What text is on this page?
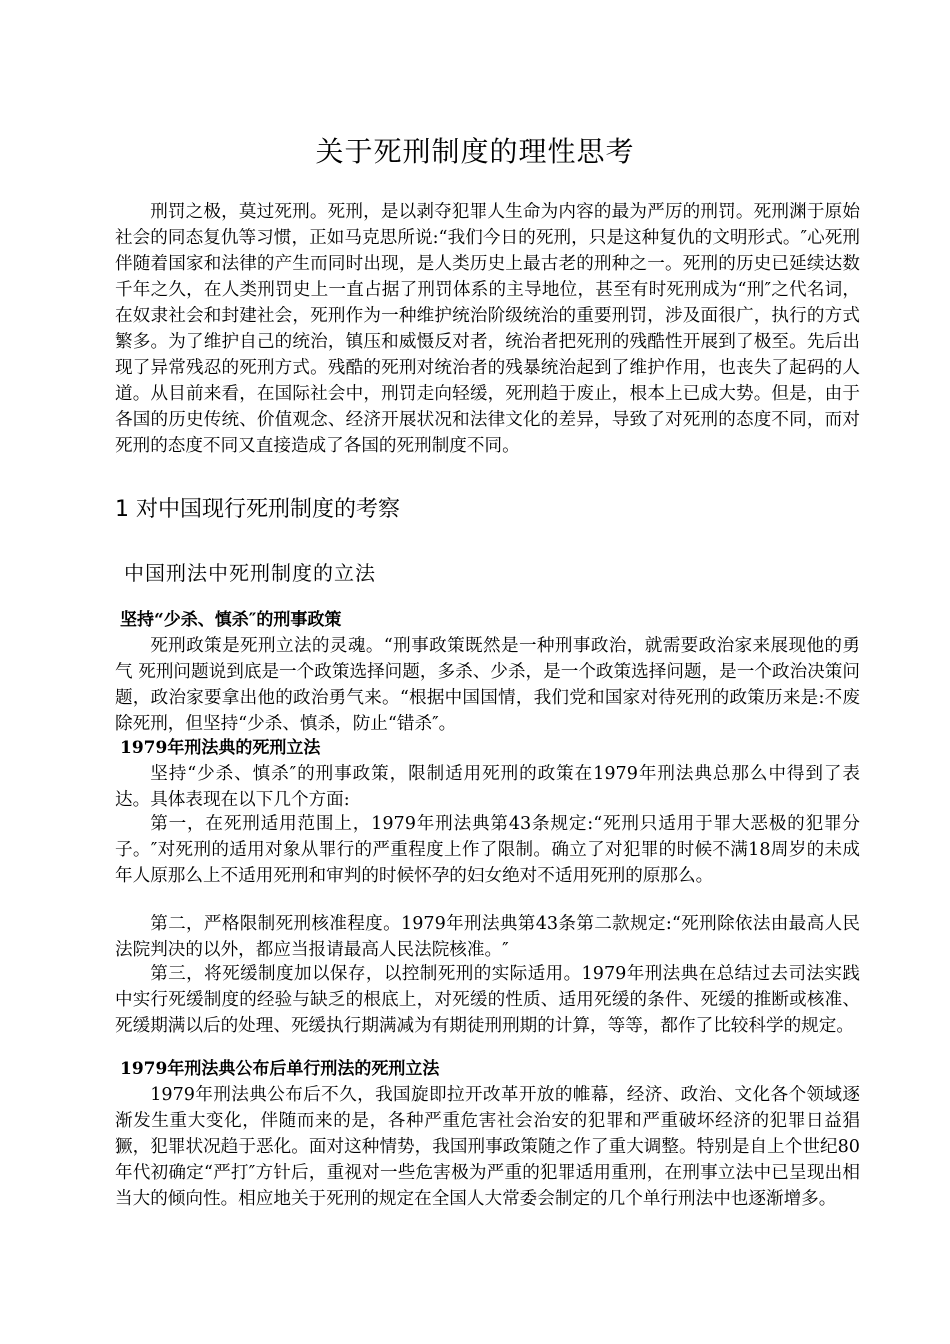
关于死刑制度的理性思考

刑罚之极，莫过死刑。死刑，是以剥夺犯罪人生命为内容的最为严厉的刑罚。死刑渊于原始社会的同态复仇等习惯，正如马克思所说:“我们今日的死刑，只是这种复仇的文明形式。″心死刑伴随着国家和法律的产生而同时出现，是人类历史上最古老的刑种之一。死刑的历史已延续达数千年之久，在人类刑罚史上一直占据了刑罚体系的主导地位，甚至有时死刑成为“刑″之代名词，在奴隶社会和封建社会，死刑作为一种维护统治阶级统治的重要刑罚，涉及面很广，执行的方式繁多。为了维护自己的统治，镇压和威慑反对者，统治者把死刑的残酷性开展到了极至。先后出现了异常残忍的死刑方式。残酷的死刑对统治者的残暴统治起到了维护作用，也丧失了起码的人道。从目前来看，在国际社会中，刑罚走向轻缓，死刑趋于废止，根本上已成大势。但是，由于各国的历史传统、价值观念、经济开展状况和法律文化的差异，导致了对死刑的态度不同，而对死刑的态度不同又直接造成了各国的死刑制度不同。

1 对中国现行死刑制度的考察
中国刑法中死刑制度的立法
坚持“少杀、慎杀″的刑事政策

死刑政策是死刑立法的灵魂。“刑事政策既然是一种刑事政治，就需要政治家来展现他的勇气 死刑问题说到底是一个政策选择问题，多杀、少杀，是一个政策选择问题，是一个政治决策问题，政治家要拿出他的政治勇气来。“根据中国国情，我们党和国家对待死刑的政策历来是:不废除死刑，但坚持“少杀、慎杀，防止“错杀″。

1979年刑法典的死刑立法

坚持“少杀、慎杀″的刑事政策，限制适用死刑的政策在1979年刑法典总那么中得到了表达。具体表现在以下几个方面:

第一，在死刑适用范围上，1979年刑法典第43条规定:“死刑只适用于罪大恶极的犯罪分子。″对死刑的适用对象从罪行的严重程度上作了限制。确立了对犯罪的时候不满18周岁的未成年人原那么上不适用死刑和审判的时候怀孕的妇女绝对不适用死刑的原那么。

第二，严格限制死刑核准程度。1979年刑法典第43条第二款规定:“死刑除依法由最高人民法院判决的以外，都应当报请最高人民法院核准。″

第三，将死缓制度加以保存，以控制死刑的实际适用。1979年刑法典在总结过去司法实践中实行死缓制度的经验与缺乏的根底上，对死缓的性质、适用死缓的条件、死缓的推断或核准、死缓期满以后的处理、死缓执行期满减为有期徒刑刑期的计算，等等，都作了比较科学的规定。

1979年刑法典公布后单行刑法的死刑立法

1979年刑法典公布后不久，我国旋即拉开改革开放的帷幕，经济、政治、文化各个领域逐渐发生重大变化，伴随而来的是，各种严重危害社会治安的犯罪和严重破坏经济的犯罪日益猖獗，犯罪状况趋于恶化。面对这种情势，我国刑事政策随之作了重大调整。特别是自上个世纪80年代初确定“严打″方针后，重视对一些危害极为严重的犯罪适用重刑，在刑事立法中已呈现出相当大的倾向性。相应地关于死刑的规定在全国人大常委会制定的几个单行刑法中也逐渐增多。
